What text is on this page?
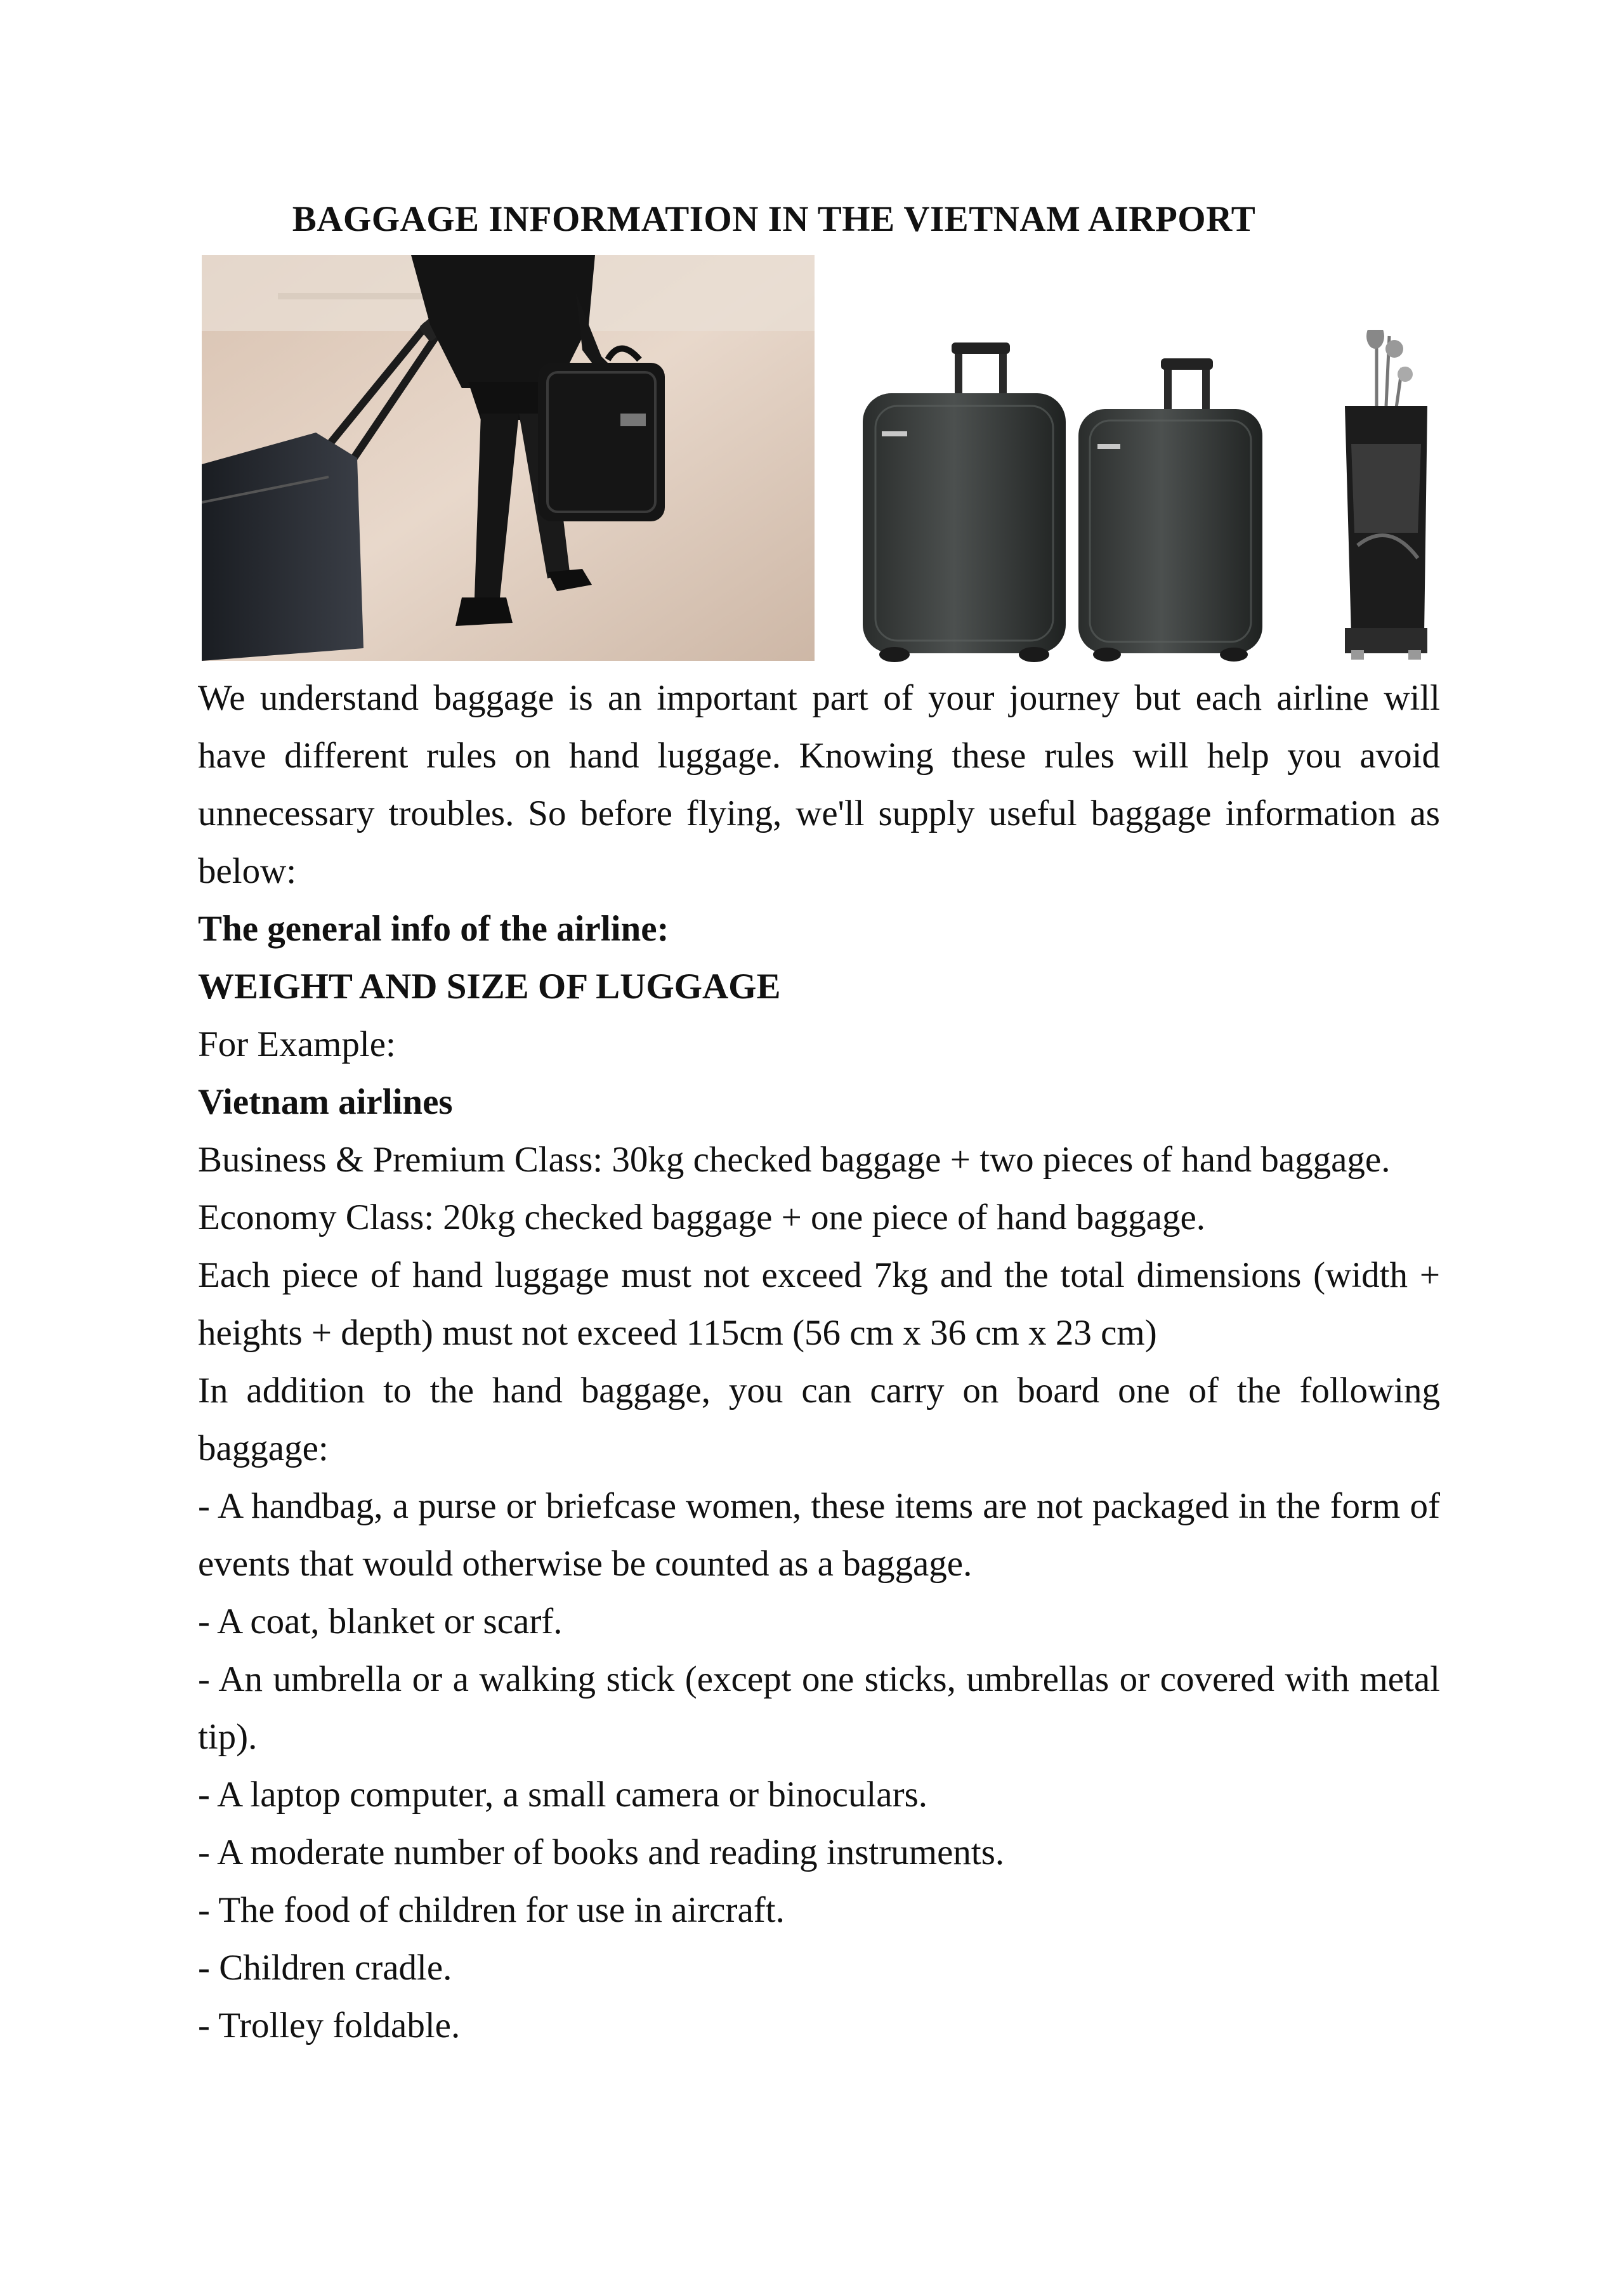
BAGGAGE INFORMATION IN THE VIETNAM AIRPORT

We understand baggage is an important part of your journey but each airline will have different rules on hand luggage. Knowing these rules will help you avoid unnecessary troubles. So before flying, we'll supply useful baggage information as below:

The general info of the airline:

WEIGHT AND SIZE OF LUGGAGE

For Example:

Vietnam airlines

Business & Premium Class: 30kg checked baggage + two pieces of hand baggage.

Economy Class: 20kg checked baggage + one piece of hand baggage.

Each piece of hand luggage must not exceed 7kg and the total dimensions (width + heights + depth) must not exceed 115cm (56 cm x 36 cm x 23 cm)

In addition to the hand baggage, you can carry on board one of the following baggage:

- A handbag, a purse or briefcase women, these items are not packaged in the form of events that would otherwise be counted as a baggage.

- A coat, blanket or scarf.

- An umbrella or a walking stick (except one sticks, umbrellas or covered with metal tip).

- A laptop computer, a small camera or binoculars.

- A moderate number of books and reading instruments.

- The food of children for use in aircraft.

- Children cradle.

- Trolley foldable.
